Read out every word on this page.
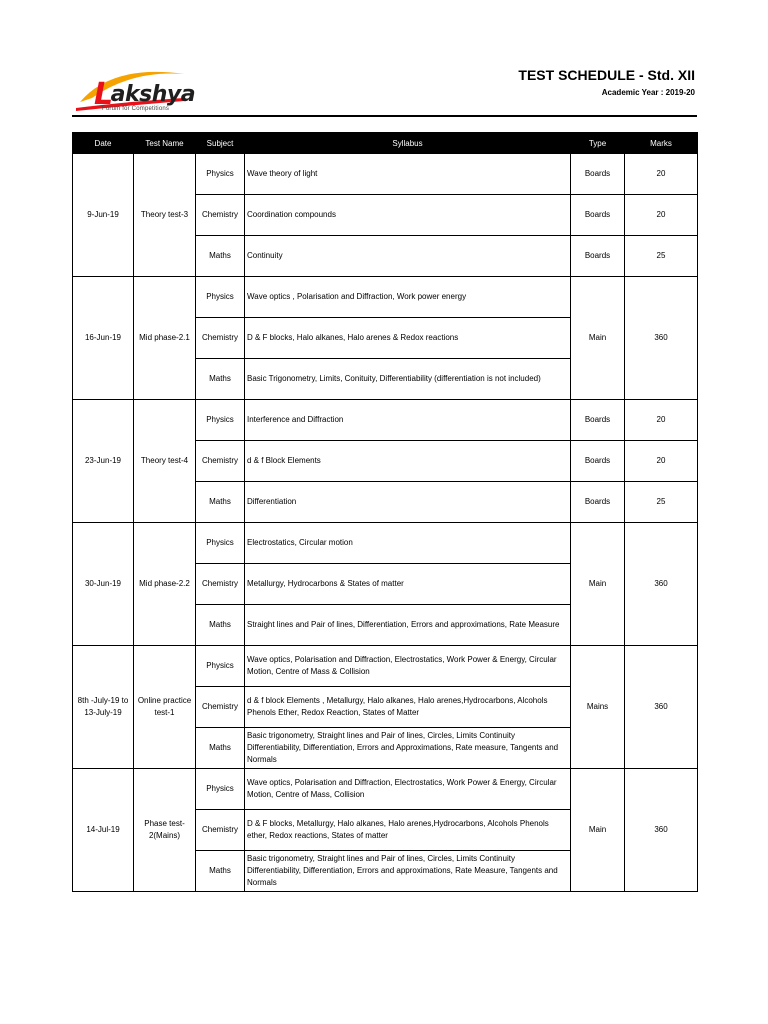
Lakshya
Forum for Competitions
TEST SCHEDULE - Std. XII
Academic Year : 2019-20
Date	Test Name	Subject	Syllabus	Type	Marks
9-Jun-19	Theory test-3	Physics	Wave theory of light	Boards	20
		Chemistry	Coordination compounds	Boards	20
		Maths	Continuity	Boards	25
16-Jun-19	Mid phase-2.1	Physics	Wave optics , Polarisation and Diffraction, Work power energy	Main	360
		Chemistry	D & F blocks, Halo alkanes, Halo arenes & Redox reactions		
		Maths	Basic Trigonometry, Limits, Conituity, Differentiability (differentiation is not included)		
23-Jun-19	Theory test-4	Physics	Interference and Diffraction	Boards	20
		Chemistry	d & f Block Elements	Boards	20
		Maths	Differentiation	Boards	25
30-Jun-19	Mid phase-2.2	Physics	Electrostatics, Circular motion	Main	360
		Chemistry	Metallurgy, Hydrocarbons & States of matter		
		Maths	Straight lines and Pair of lines, Differentiation, Errors and approximations, Rate Measure		
8th -July-19 to 13-July-19	Online practice test-1	Physics	Wave optics, Polarisation and Diffraction, Electrostatics, Work Power & Energy, Circular Motion, Centre of Mass & Collision	Mains	360
		Chemistry	d & f block Elements , Metallurgy, Halo alkanes, Halo arenes,Hydrocarbons, Alcohols Phenols Ether, Redox Reaction, States of Matter		
		Maths	Basic trigonometry, Straight lines and Pair of lines, Circles, Limits Continuity Differentiability, Differentiation, Errors and Approximations, Rate measure, Tangents and Normals		
14-Jul-19	Phase test-2(Mains)	Physics	Wave optics, Polarisation and Diffraction, Electrostatics, Work Power & Energy, Circular Motion, Centre of Mass, Collision	Main	360
		Chemistry	D & F blocks, Metallurgy, Halo alkanes, Halo arenes,Hydrocarbons, Alcohols Phenols ether, Redox reactions, States of matter		
		Maths	Basic trigonometry, Straight lines and Pair of lines, Circles, Limits Continuity Differentiability, Differentiation, Errors and approximations, Rate Measure, Tangents and Normals		
